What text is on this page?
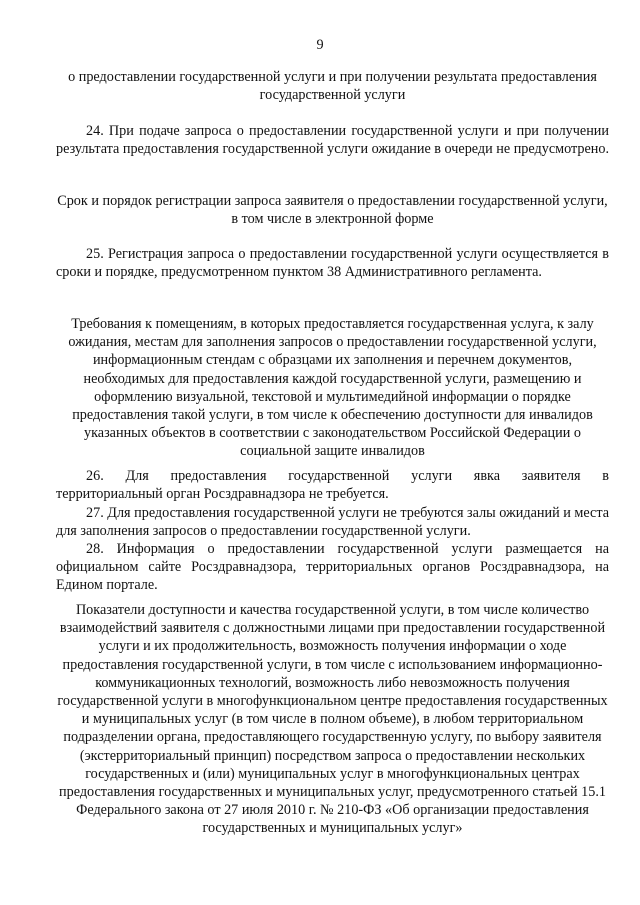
9

о предоставлении государственной услуги и при получении результата предоставления государственной услуги

24. При подаче запроса о предоставлении государственной услуги и при получении результата предоставления государственной услуги ожидание в очереди не предусмотрено.

Срок и порядок регистрации запроса заявителя о предоставлении государственной услуги, в том числе в электронной форме

25. Регистрация запроса о предоставлении государственной услуги осуществляется в сроки и порядке, предусмотренном пунктом 38 Административного регламента.

Требования к помещениям, в которых предоставляется государственная услуга, к залу ожидания, местам для заполнения запросов о предоставлении государственной услуги, информационным стендам с образцами их заполнения и перечнем документов, необходимых для предоставления каждой государственной услуги, размещению и оформлению визуальной, текстовой и мультимедийной информации о порядке предоставления такой услуги, в том числе к обеспечению доступности для инвалидов указанных объектов в соответствии с законодательством Российской Федерации о социальной защите инвалидов

26. Для предоставления государственной услуги явка заявителя в

территориальный орган Росздравнадзора не требуется.

27. Для предоставления государственной услуги не требуются залы ожиданий и места для заполнения запросов о предоставлении государственной услуги.

28. Информация о предоставлении государственной услуги размещается на официальном сайте Росздравнадзора, территориальных органов Росздравнадзора, на Едином портале.

Показатели доступности и качества государственной услуги, в том числе количество взаимодействий заявителя с должностными лицами при предоставлении государственной услуги и их продолжительность, возможность получения информации о ходе предоставления государственной услуги, в том числе с использованием информационно-коммуникационных технологий, возможность либо невозможность получения государственной услуги в многофункциональном центре предоставления государственных и муниципальных услуг (в том числе в полном объеме), в любом территориальном подразделении органа, предоставляющего государственную услугу, по выбору заявителя (экстерриториальный принцип) посредством запроса о предоставлении нескольких государственных и (или) муниципальных услуг в многофункциональных центрах предоставления государственных и муниципальных услуг, предусмотренного статьей 15.1 Федерального закона от 27 июля 2010 г. № 210-ФЗ «Об организации предоставления государственных и муниципальных услуг»
